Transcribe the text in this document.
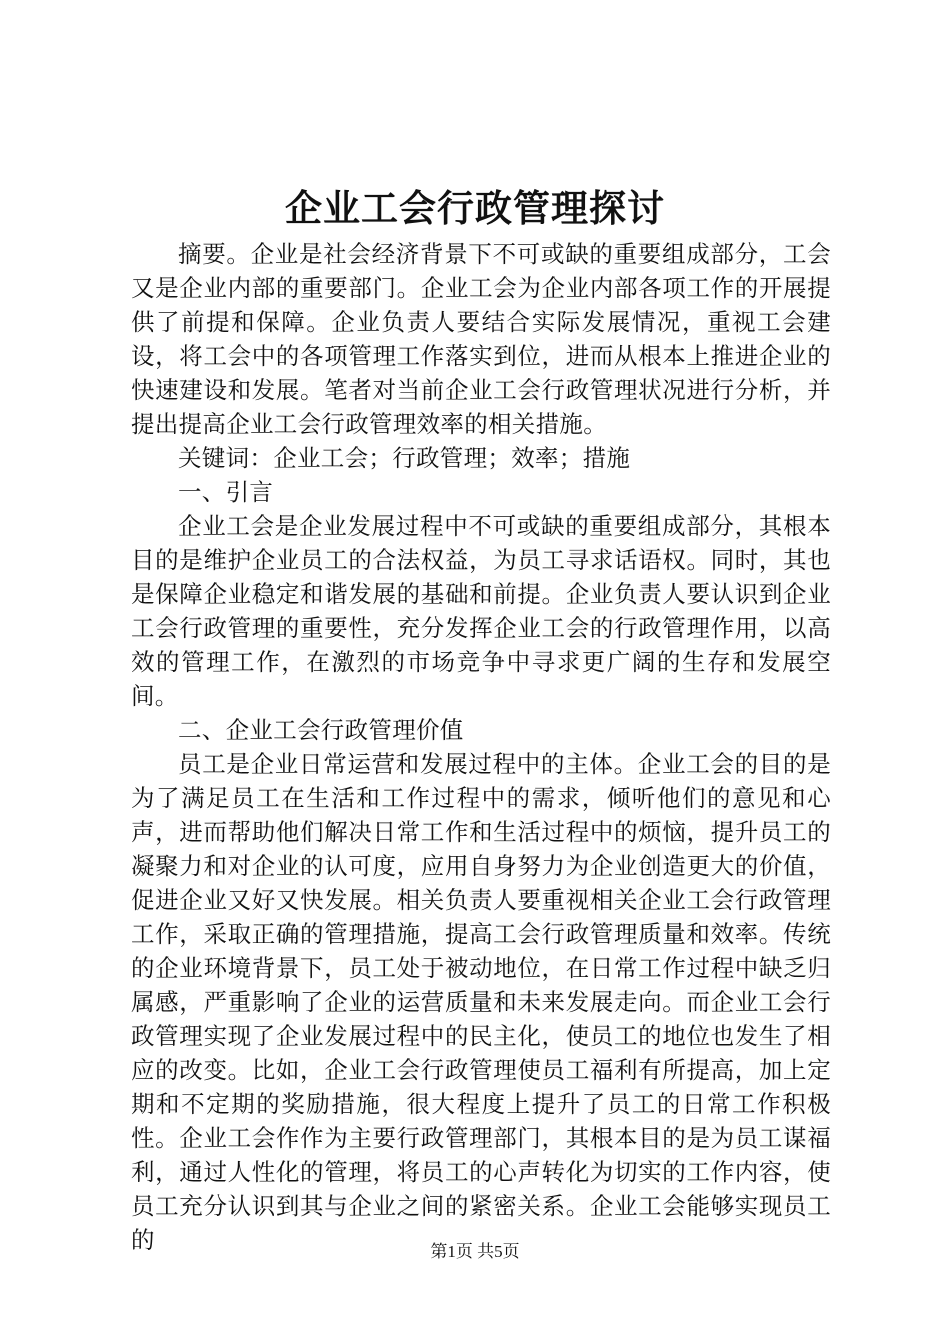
企业工会行政管理探讨

摘要。企业是社会经济背景下不可或缺的重要组成部分，工会又是企业内部的重要部门。企业工会为企业内部各项工作的开展提供了前提和保障。企业负责人要结合实际发展情况，重视工会建设，将工会中的各项管理工作落实到位，进而从根本上推进企业的快速建设和发展。笔者对当前企业工会行政管理状况进行分析，并提出提高企业工会行政管理效率的相关措施。

关键词：企业工会；行政管理；效率；措施

一、引言

企业工会是企业发展过程中不可或缺的重要组成部分，其根本目的是维护企业员工的合法权益，为员工寻求话语权。同时，其也是保障企业稳定和谐发展的基础和前提。企业负责人要认识到企业工会行政管理的重要性，充分发挥企业工会的行政管理作用，以高效的管理工作，在激烈的市场竞争中寻求更广阔的生存和发展空间。

二、企业工会行政管理价值

员工是企业日常运营和发展过程中的主体。企业工会的目的是为了满足员工在生活和工作过程中的需求，倾听他们的意见和心声，进而帮助他们解决日常工作和生活过程中的烦恼，提升员工的凝聚力和对企业的认可度，应用自身努力为企业创造更大的价值，促进企业又好又快发展。相关负责人要重视相关企业工会行政管理工作，采取正确的管理措施，提高工会行政管理质量和效率。传统的企业环境背景下，员工处于被动地位，在日常工作过程中缺乏归属感，严重影响了企业的运营质量和未来发展走向。而企业工会行政管理实现了企业发展过程中的民主化，使员工的地位也发生了相应的改变。比如，企业工会行政管理使员工福利有所提高，加上定期和不定期的奖励措施，很大程度上提升了员工的日常工作积极性。企业工会作作为主要行政管理部门，其根本目的是为员工谋福利，通过人性化的管理，将员工的心声转化为切实的工作内容，使员工充分认识到其与企业之间的紧密关系。企业工会能够实现员工的	第1页 共5页
